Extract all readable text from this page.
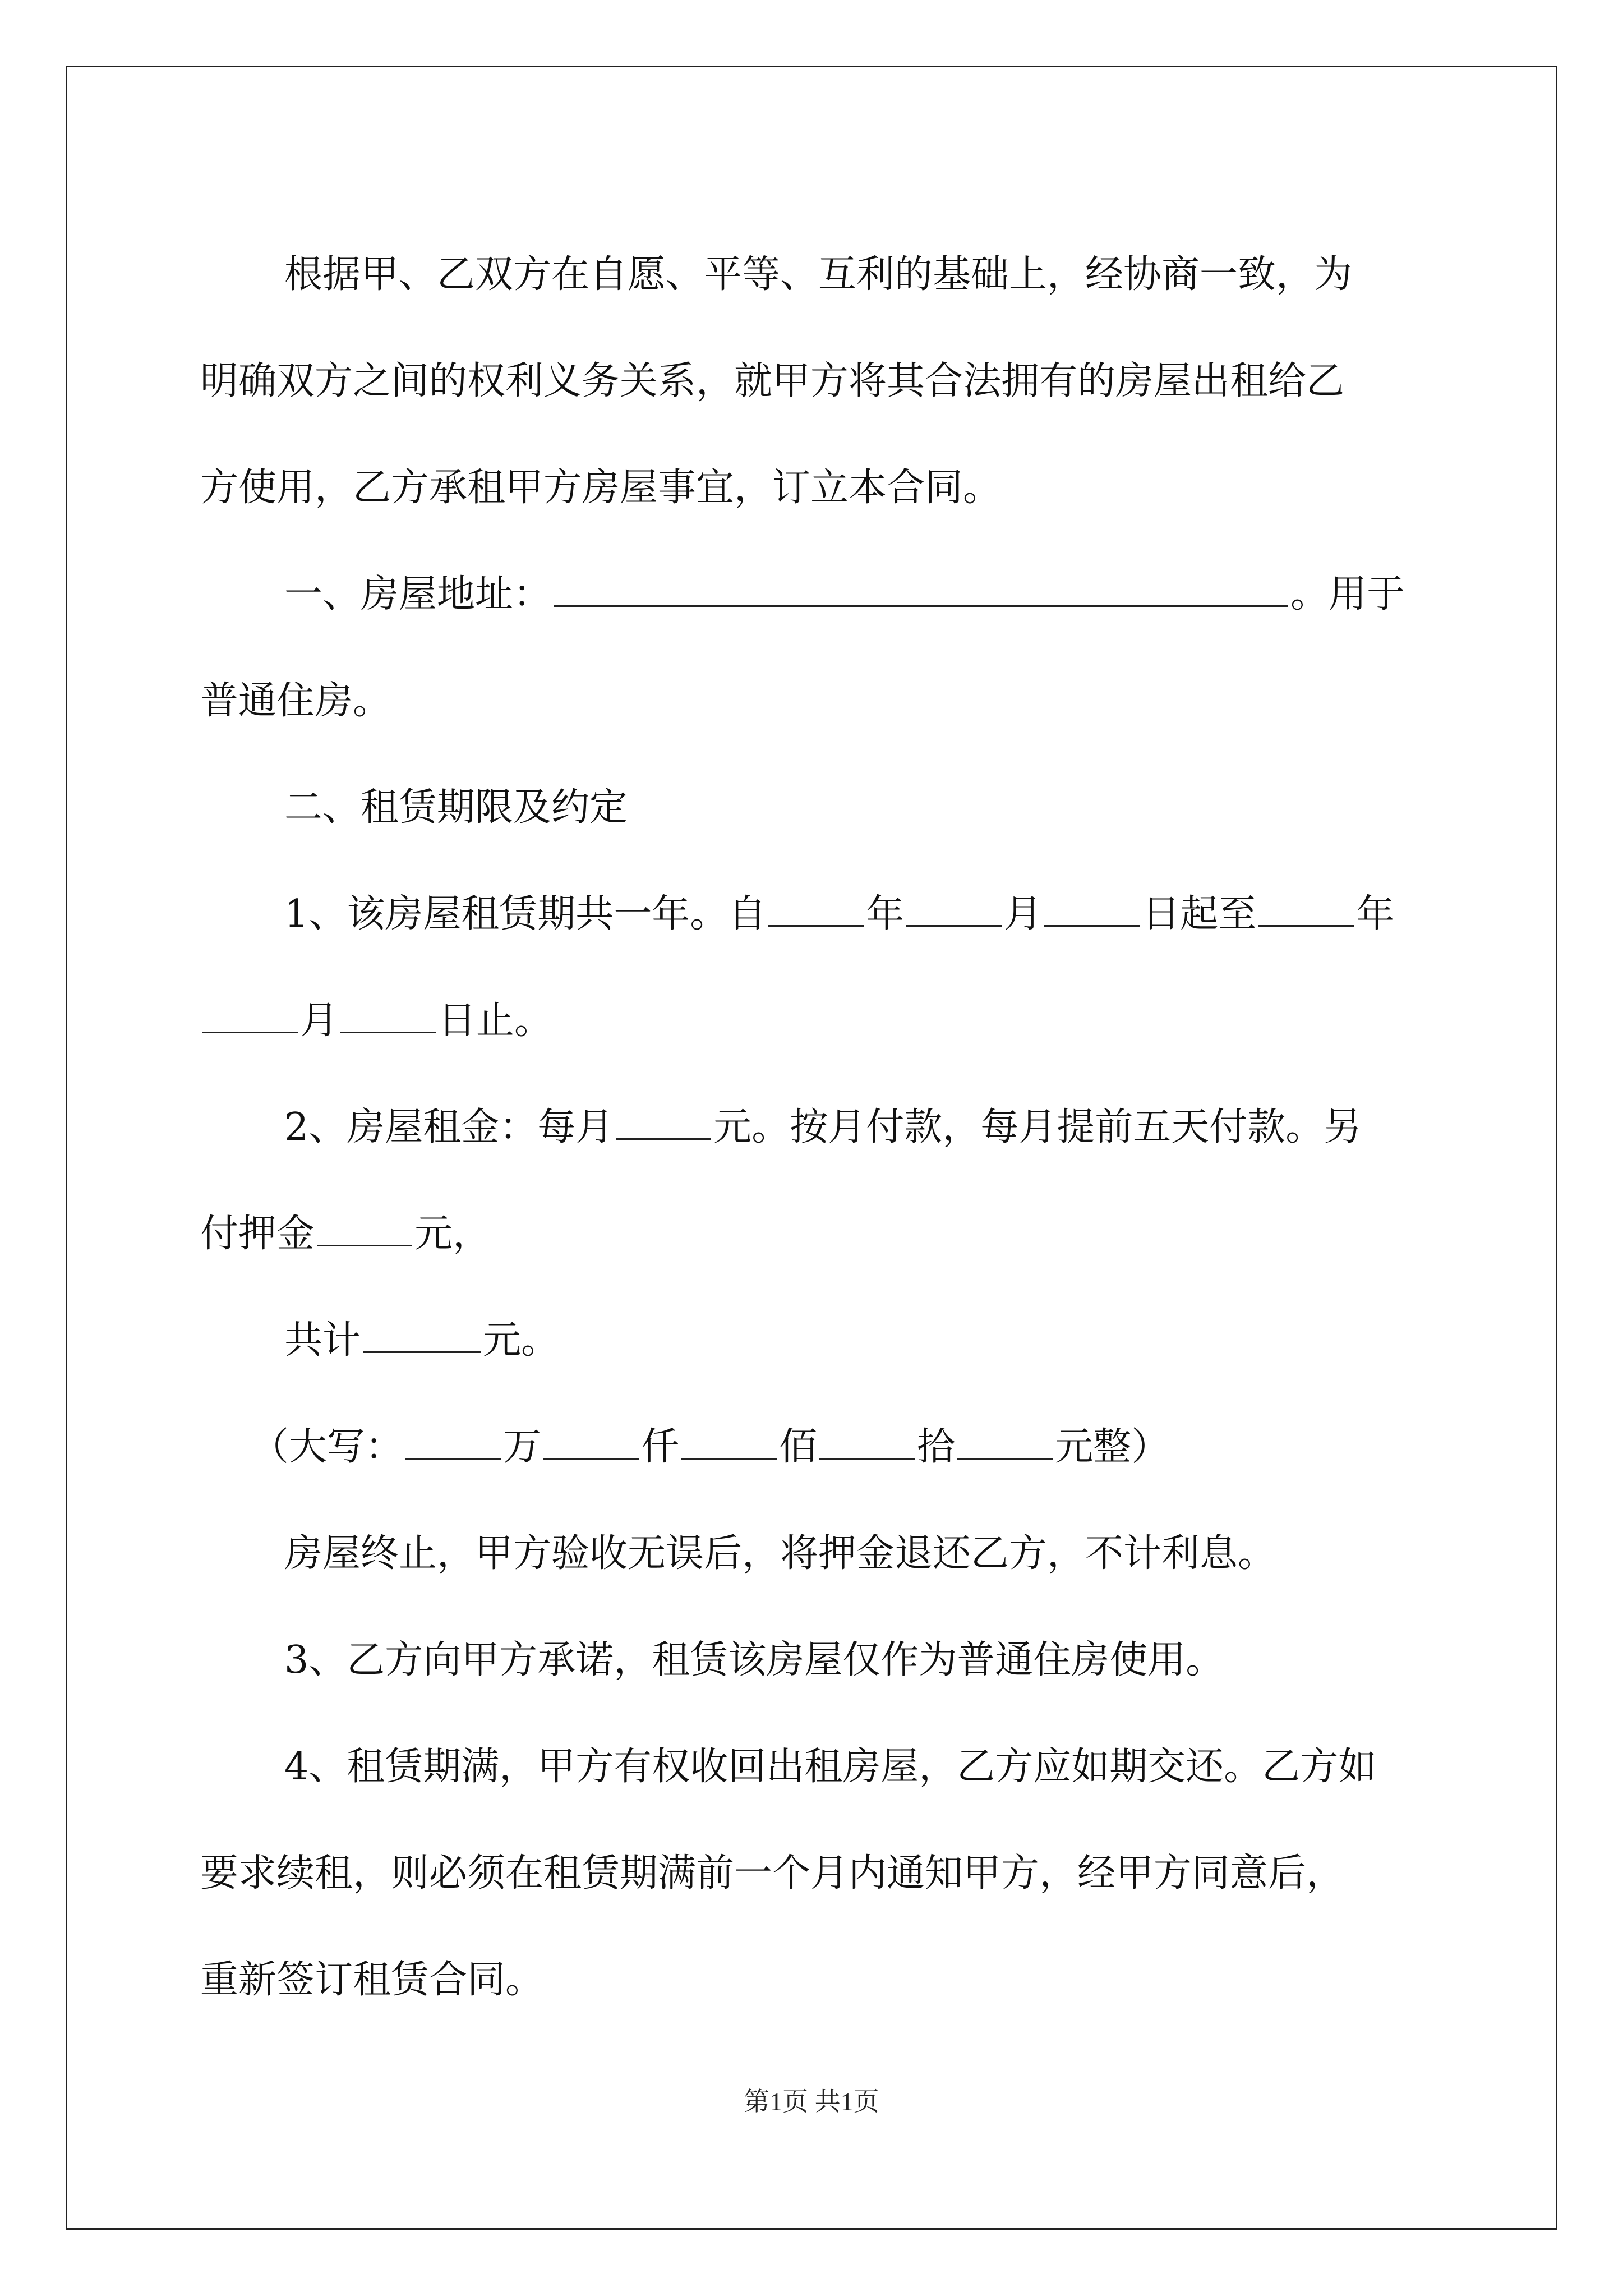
根据甲、乙双方在自愿、平等、互利的基础上，经协商一致，为
明确双方之间的权利义务关系，就甲方将其合法拥有的房屋出租给乙
方使用，乙方承租甲方房屋事宜，订立本合同。
一、房屋地址：	。用于
普通住房。
二、租赁期限及约定
1、该房屋租赁期共一年。自	年	月	日起至	年
月	日止。
2、房屋租金：每月	元。按月付款，每月提前五天付款。另
付押金	元，
共计	元。
（大写：	万	仟	佰	拾	元整）
房屋终止，甲方验收无误后，将押金退还乙方，不计利息。
3、乙方向甲方承诺，租赁该房屋仅作为普通住房使用。
4、租赁期满，甲方有权收回出租房屋，乙方应如期交还。乙方如
要求续租，则必须在租赁期满前一个月内通知甲方，经甲方同意后，
重新签订租赁合同。
第1页 共1页
